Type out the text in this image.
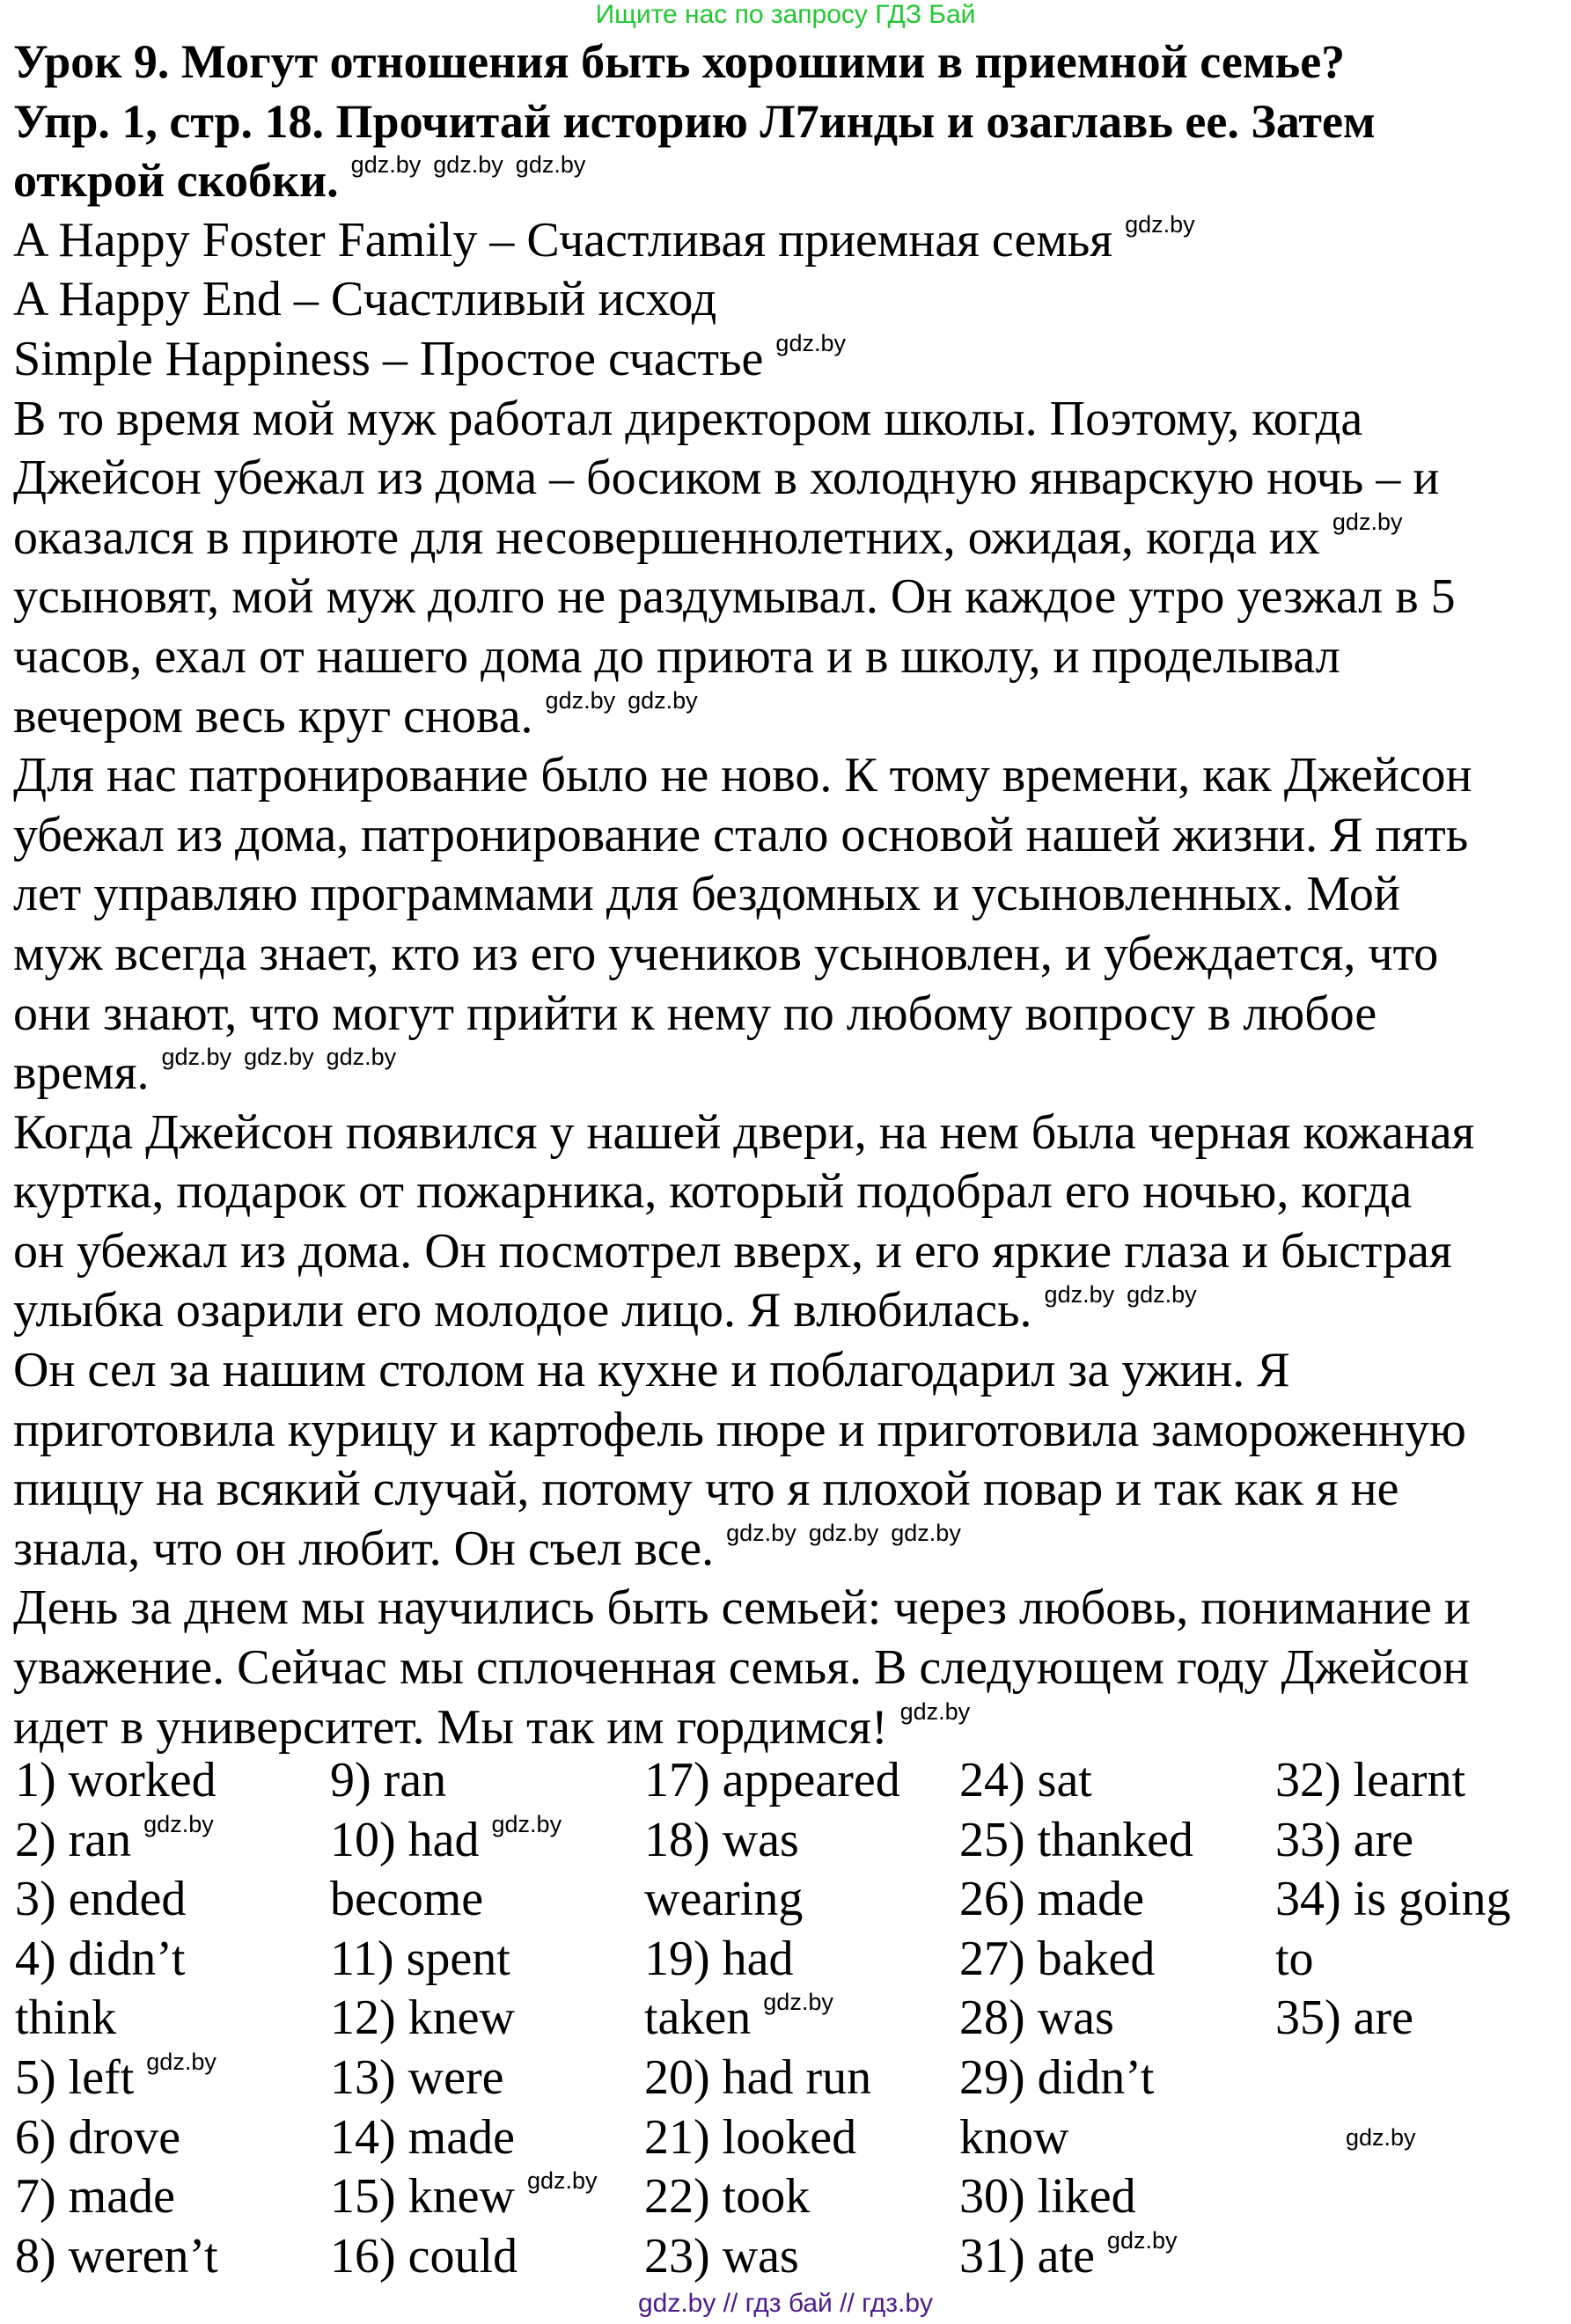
Ищите нас по запросу ГДЗ Бай
Урок 9. Могут отношения быть хорошими в приемной семье?
Упр. 1, стр. 18. Прочитай историю Л7инды и озаглавь ее. Затем
открой скобки. gdz.by gdz.by gdz.by
A Happy Foster Family – Счастливая приемная семья gdz.by
A Happy End – Счастливый исход
Simple Happiness – Простое счастье gdz.by
В то время мой муж работал директором школы. Поэтому, когда
Джейсон убежал из дома – босиком в холодную январскую ночь – и
оказался в приюте для несовершеннолетних, ожидая, когда их gdz.by
усыновят, мой муж долго не раздумывал. Он каждое утро уезжал в 5
часов, ехал от нашего дома до приюта и в школу, и проделывал
вечером весь круг снова. gdz.by gdz.by
Для нас патронирование было не ново. К тому времени, как Джейсон
убежал из дома, патронирование стало основой нашей жизни. Я пять
лет управляю программами для бездомных и усыновленных. Мой
муж всегда знает, кто из его учеников усыновлен, и убеждается, что
они знают, что могут прийти к нему по любому вопросу в любое
время. gdz.by gdz.by gdz.by
Когда Джейсон появился у нашей двери, на нем была черная кожаная
куртка, подарок от пожарника, который подобрал его ночью, когда
он убежал из дома. Он посмотрел вверх, и его яркие глаза и быстрая
улыбка озарили его молодое лицо. Я влюбилась. gdz.by gdz.by
Он сел за нашим столом на кухне и поблагодарил за ужин. Я
приготовила курицу и картофель пюре и приготовила замороженную
пиццу на всякий случай, потому что я плохой повар и так как я не
знала, что он любит. Он съел все. gdz.by gdz.by gdz.by
День за днем мы научились быть семьей: через любовь, понимание и
уважение. Сейчас мы сплоченная семья. В следующем году Джейсон
идет в университет. Мы так им гордимся! gdz.by
1) worked
2) ran gdz.by
3) ended
4) didn’t
think
5) left gdz.by
6) drove
7) made
8) weren’t
9) ran
10) had gdz.by
become
11) spent
12) knew
13) were
14) made
15) knew gdz.by
16) could
17) appeared
18) was
wearing
19) had
taken gdz.by
20) had run
21) looked
22) took
23) was
24) sat
25) thanked
26) made
27) baked
28) was
29) didn’t
know
30) liked
31) ate gdz.by
32) learnt
33) are
34) is going
to
35) are
gdz.by
gdz.by // гдз бай // гдз.by
